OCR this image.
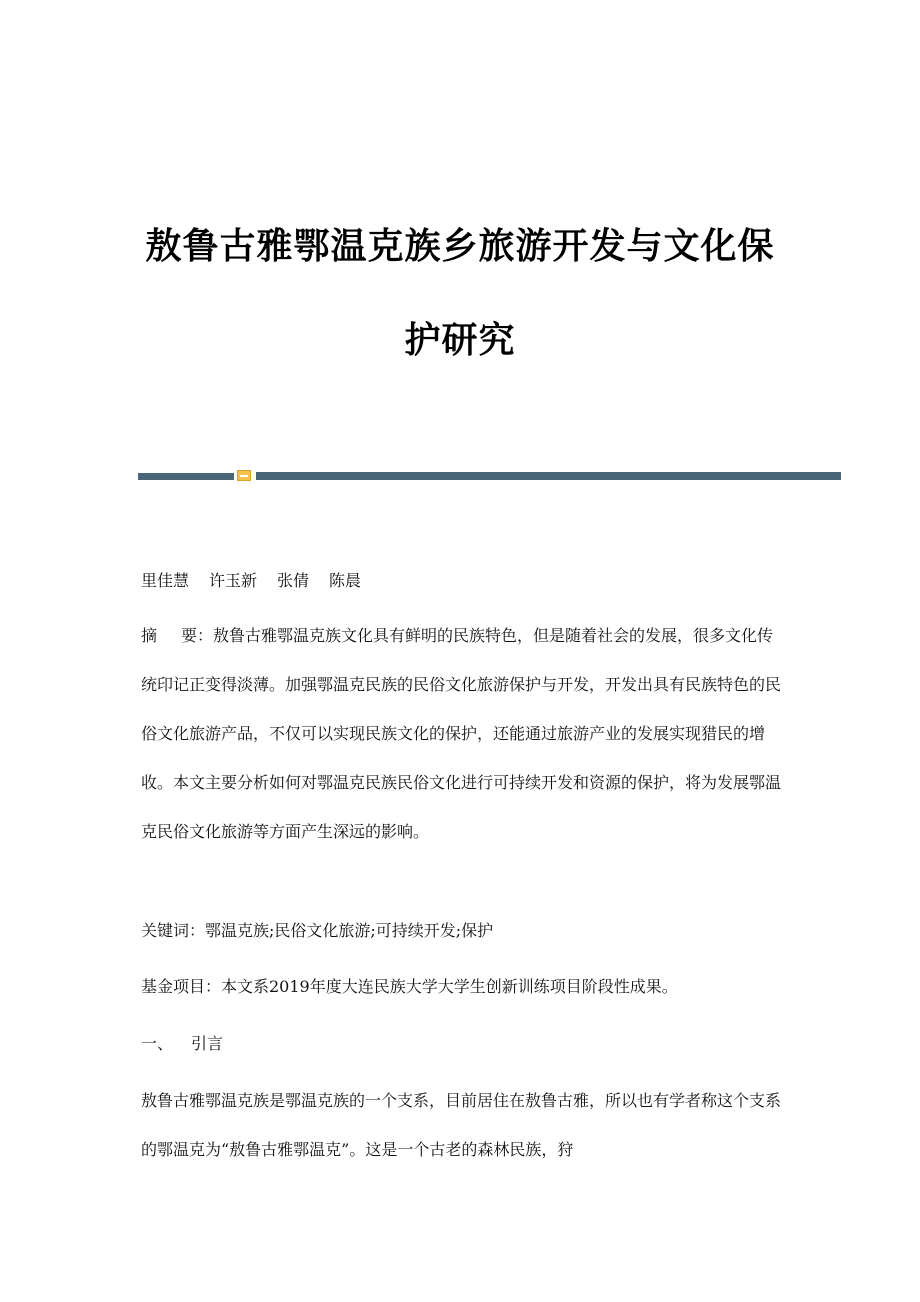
敖鲁古雅鄂温克族乡旅游开发与文化保
护研究

里佳慧 许玉新 张倩 陈晨

摘 要：敖鲁古雅鄂温克族文化具有鲜明的民族特色，但是随着社会的发展，很多文化传统印记正变得淡薄。加强鄂温克民族的民俗文化旅游保护与开发，开发出具有民族特色的民俗文化旅游产品，不仅可以实现民族文化的保护，还能通过旅游产业的发展实现猎民的增收。本文主要分析如何对鄂温克民族民俗文化进行可持续开发和资源的保护，将为发展鄂温克民俗文化旅游等方面产生深远的影响。

关键词：鄂温克族;民俗文化旅游;可持续开发;保护

基金项目：本文系2019年度大连民族大学大学生创新训练项目阶段性成果。

一、 引言

敖鲁古雅鄂温克族是鄂温克族的一个支系，目前居住在敖鲁古雅，所以也有学者称这个支系的鄂温克为“敖鲁古雅鄂温克”。这是一个古老的森林民族，狩
